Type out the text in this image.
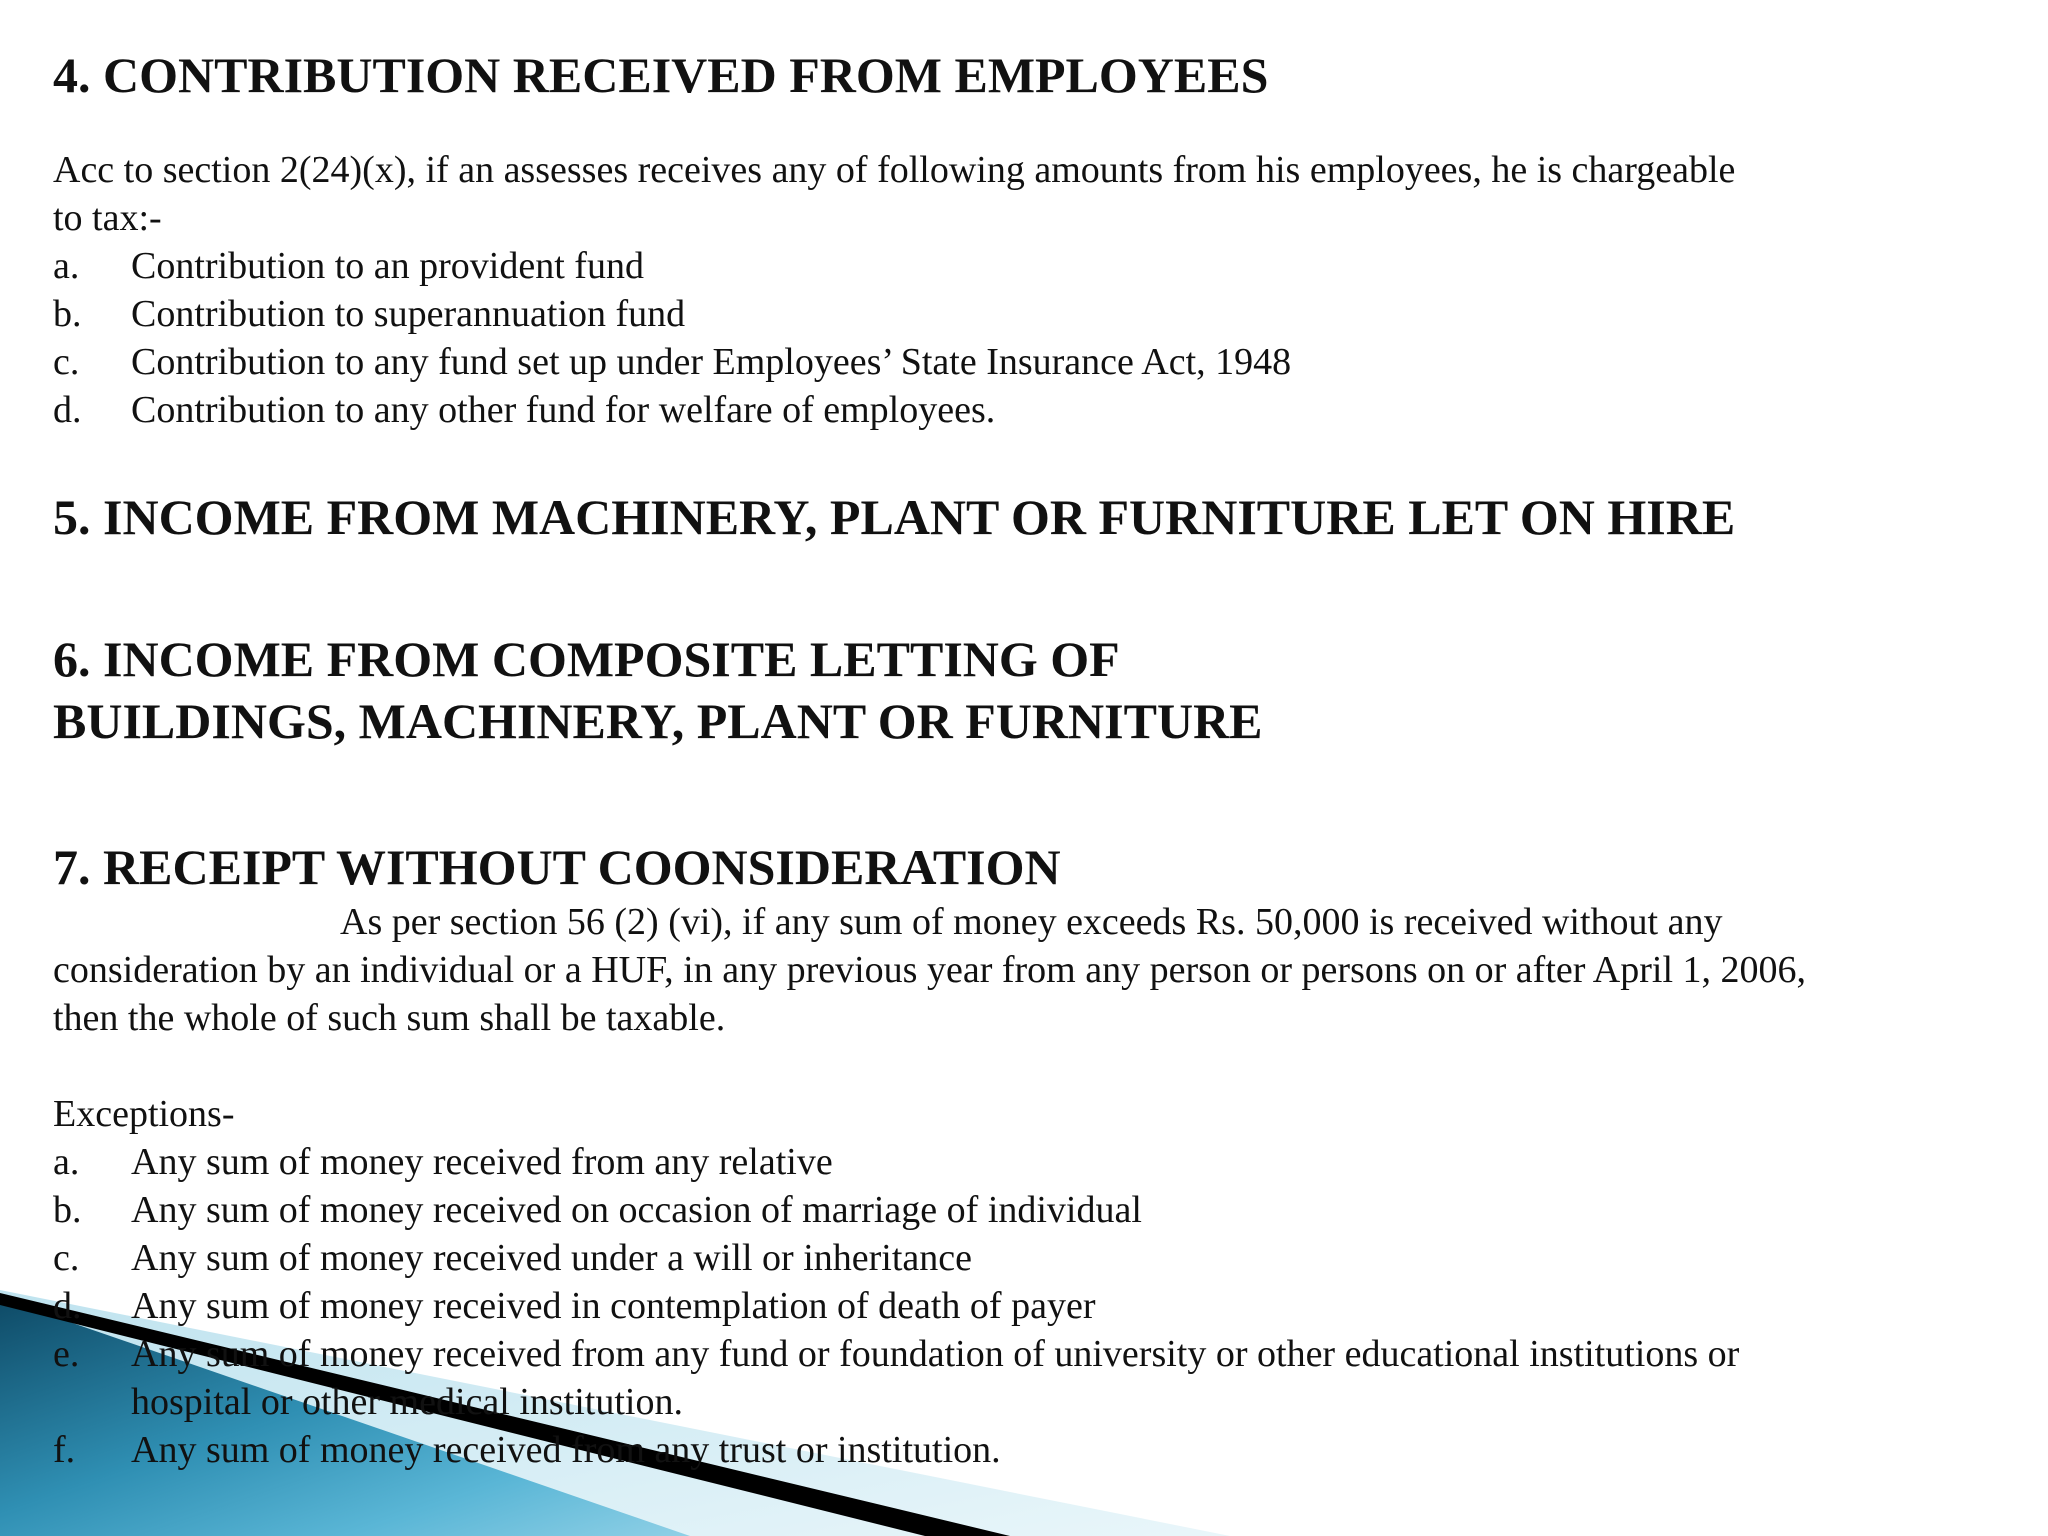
4. CONTRIBUTION RECEIVED FROM EMPLOYEES

Acc to section 2(24)(x), if an assesses receives any of following amounts from his employees, he is chargeable to tax:-

a.	Contribution to an provident fund
b.	Contribution to superannuation fund
c.	Contribution to any fund set up under Employees’ State Insurance Act, 1948
d.	Contribution to any other fund for welfare of employees.
5. INCOME FROM MACHINERY, PLANT OR FURNITURE LET ON HIRE
6. INCOME FROM COMPOSITE LETTING OF
BUILDINGS, MACHINERY, PLANT OR FURNITURE
7. RECEIPT WITHOUT COONSIDERATION

As per section 56 (2) (vi), if any sum of money exceeds Rs. 50,000 is received without any consideration by an individual or a HUF, in any previous year from any person or persons on or after April 1, 2006, then the whole of such sum shall be taxable.

Exceptions-

a.	Any sum of money received from any relative
b.	Any sum of money received on occasion of marriage of individual
c.	Any sum of money received under a will or inheritance
d.	Any sum of money received in contemplation of death of payer
e.	Any sum of money received from any fund or foundation of university or other educational institutions or hospital or other medical institution.
f.	Any sum of money received from any trust or institution.
